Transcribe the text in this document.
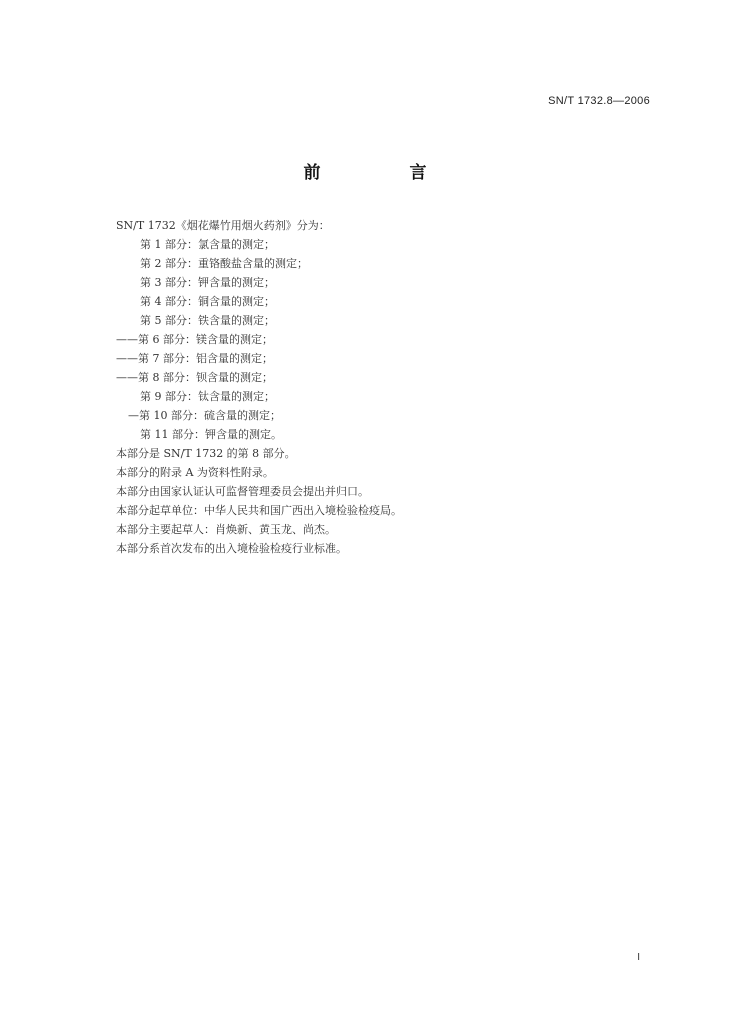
SN/T 1732.8—2006
前　言
SN/T 1732《烟花爆竹用烟火药剂》分为：
第 1 部分：氯含量的测定；
第 2 部分：重铬酸盐含量的测定；
第 3 部分：钾含量的测定；
第 4 部分：铜含量的测定；
第 5 部分：铁含量的测定；
——第 6 部分：镁含量的测定；
——第 7 部分：铝含量的测定；
——第 8 部分：钡含量的测定；
第 9 部分：钛含量的测定；
—第 10 部分：硫含量的测定；
第 11 部分：钾含量的测定。
本部分是 SN/T 1732 的第 8 部分。
本部分的附录 A 为资料性附录。
本部分由国家认证认可监督管理委员会提出并归口。
本部分起草单位：中华人民共和国广西出入境检验检疫局。
本部分主要起草人：肖焕新、黄玉龙、尚杰。
本部分系首次发布的出入境检验检疫行业标准。
I
